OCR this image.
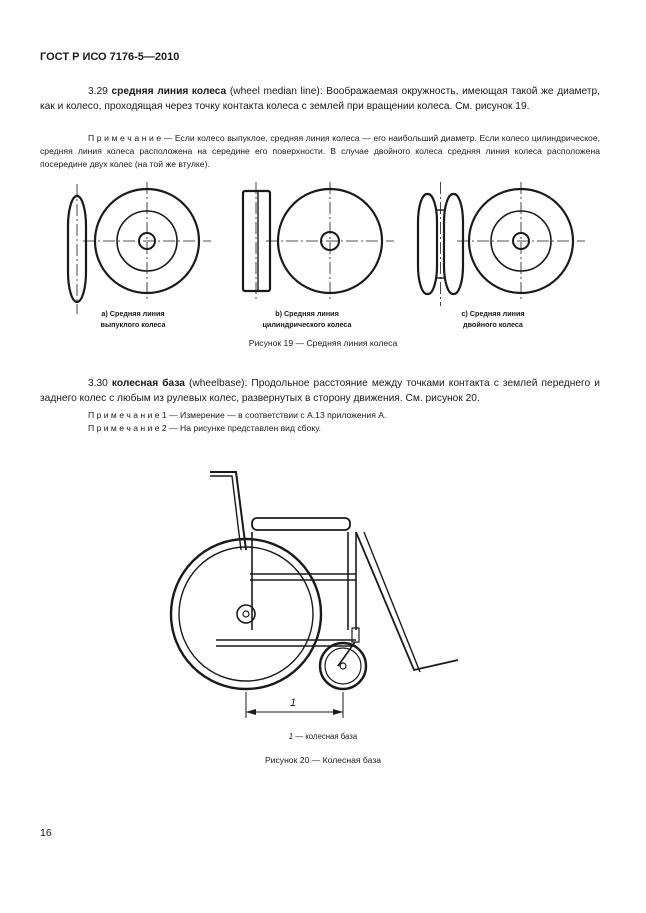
ГОСТ Р ИСО 7176-5—2010
3.29 средняя линия колеса (wheel median line): Воображаемая окружность, имеющая такой же диаметр, как и колесо, проходящая через точку контакта колеса с землей при вращении колеса. См. рисунок 19.
П р и м е ч а н и е — Если колесо выпуклое, средняя линия колеса — его наибольший диаметр. Если колесо цилиндрическое, средняя линия колеса расположена на середине его поверхности. В случае двойного колеса средняя линия колеса расположена посередине двух колес (на той же втулке).
а) Средняя линия
выпуклого колеса
b) Средняя линия
цилиндрического колеса
с) Средняя линия
двойного колеса
Рисунок 19 — Средняя линия колеса
3.30 колесная база (wheelbase): Продольное расстояние между точками контакта с землей переднего и заднего колес с любым из рулевых колес, развернутых в сторону движения. См. рисунок 20.
П р и м е ч а н и е 1 — Измерение — в соответствии с А.13 приложения А.
П р и м е ч а н и е 2 — На рисунке представлен вид сбоку.
1
1 — колесная база
Рисунок 20 — Колесная база
16
